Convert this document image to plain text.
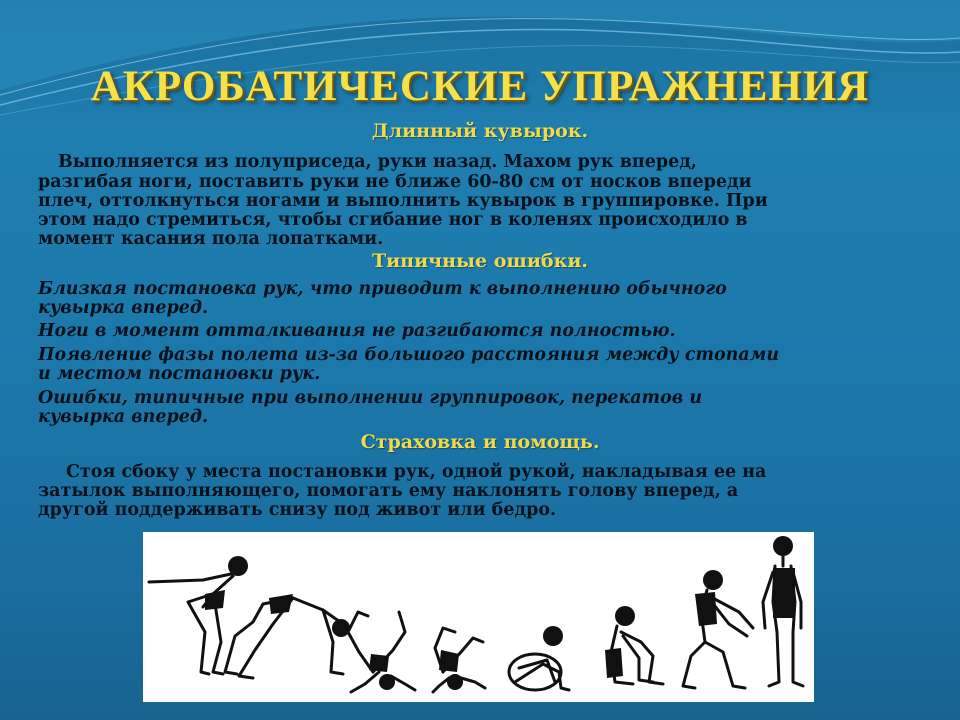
АКРОБАТИЧЕСКИЕ УПРАЖНЕНИЯ
Длинный кувырок.

Выполняется из полуприседа, руки назад. Махом рук вперед,

разгибая ноги, поставить руки не ближе 60-80 см от носков впереди

плеч, оттолкнуться ногами и выполнить кувырок в группировке. При

этом надо стремиться, чтобы сгибание ног в коленях происходило в

момент касания пола лопатками.

Типичные ошибки.

Близкая постановка рук, что приводит к выполнению обычного

кувырка вперед.

Ноги в момент отталкивания не разгибаются полностью.

Появление фазы полета из-за большого расстояния между стопами

и местом постановки рук.

Ошибки, типичные при выполнении группировок, перекатов и

кувырка вперед.

Страховка и помощь.

Стоя сбоку у места постановки рук, одной рукой, накладывая ее на

затылок выполняющего, помогать ему наклонять голову вперед, а

другой поддерживать снизу под живот или бедро.
